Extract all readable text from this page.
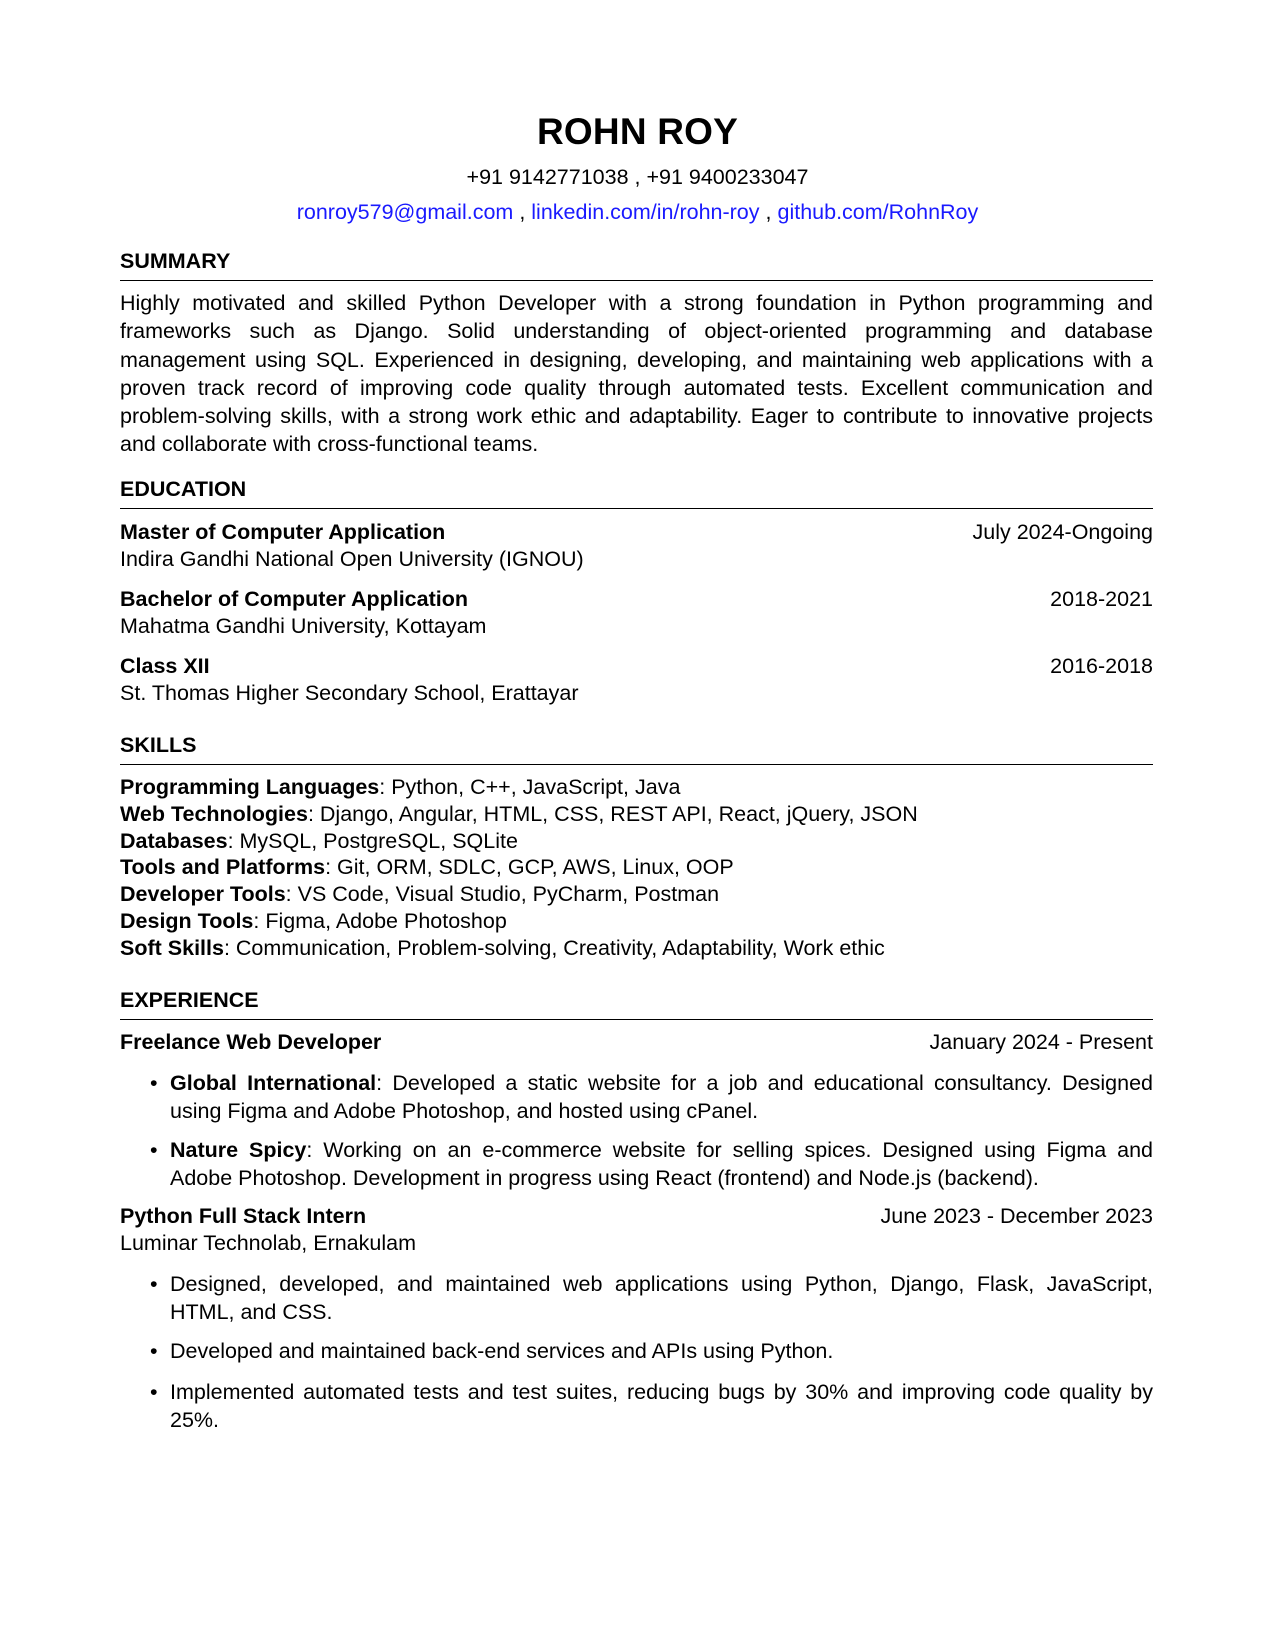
ROHN ROY
+91 9142771038 , +91 9400233047
ronroy579@gmail.com , linkedin.com/in/rohn-roy , github.com/RohnRoy
SUMMARY
Highly motivated and skilled Python Developer with a strong foundation in Python programming and frameworks such as Django. Solid understanding of object-oriented programming and database management using SQL. Experienced in designing, developing, and maintaining web applications with a proven track record of improving code quality through automated tests. Excellent communication and problem-solving skills, with a strong work ethic and adaptability. Eager to contribute to innovative projects and collaborate with cross-functional teams.
EDUCATION
Master of Computer Application	July 2024-Ongoing
Indira Gandhi National Open University (IGNOU)
Bachelor of Computer Application	2018-2021
Mahatma Gandhi University, Kottayam
Class XII	2016-2018
St. Thomas Higher Secondary School, Erattayar
SKILLS
Programming Languages: Python, C++, JavaScript, Java
Web Technologies: Django, Angular, HTML, CSS, REST API, React, jQuery, JSON
Databases: MySQL, PostgreSQL, SQLite
Tools and Platforms: Git, ORM, SDLC, GCP, AWS, Linux, OOP
Developer Tools: VS Code, Visual Studio, PyCharm, Postman
Design Tools: Figma, Adobe Photoshop
Soft Skills: Communication, Problem-solving, Creativity, Adaptability, Work ethic
EXPERIENCE
Freelance Web Developer	January 2024 - Present
• Global International: Developed a static website for a job and educational consultancy. Designed using Figma and Adobe Photoshop, and hosted using cPanel.
• Nature Spicy: Working on an e-commerce website for selling spices. Designed using Figma and Adobe Photoshop. Development in progress using React (frontend) and Node.js (backend).
Python Full Stack Intern	June 2023 - December 2023
Luminar Technolab, Ernakulam
• Designed, developed, and maintained web applications using Python, Django, Flask, JavaScript, HTML, and CSS.
• Developed and maintained back-end services and APIs using Python.
• Implemented automated tests and test suites, reducing bugs by 30% and improving code quality by 25%.
